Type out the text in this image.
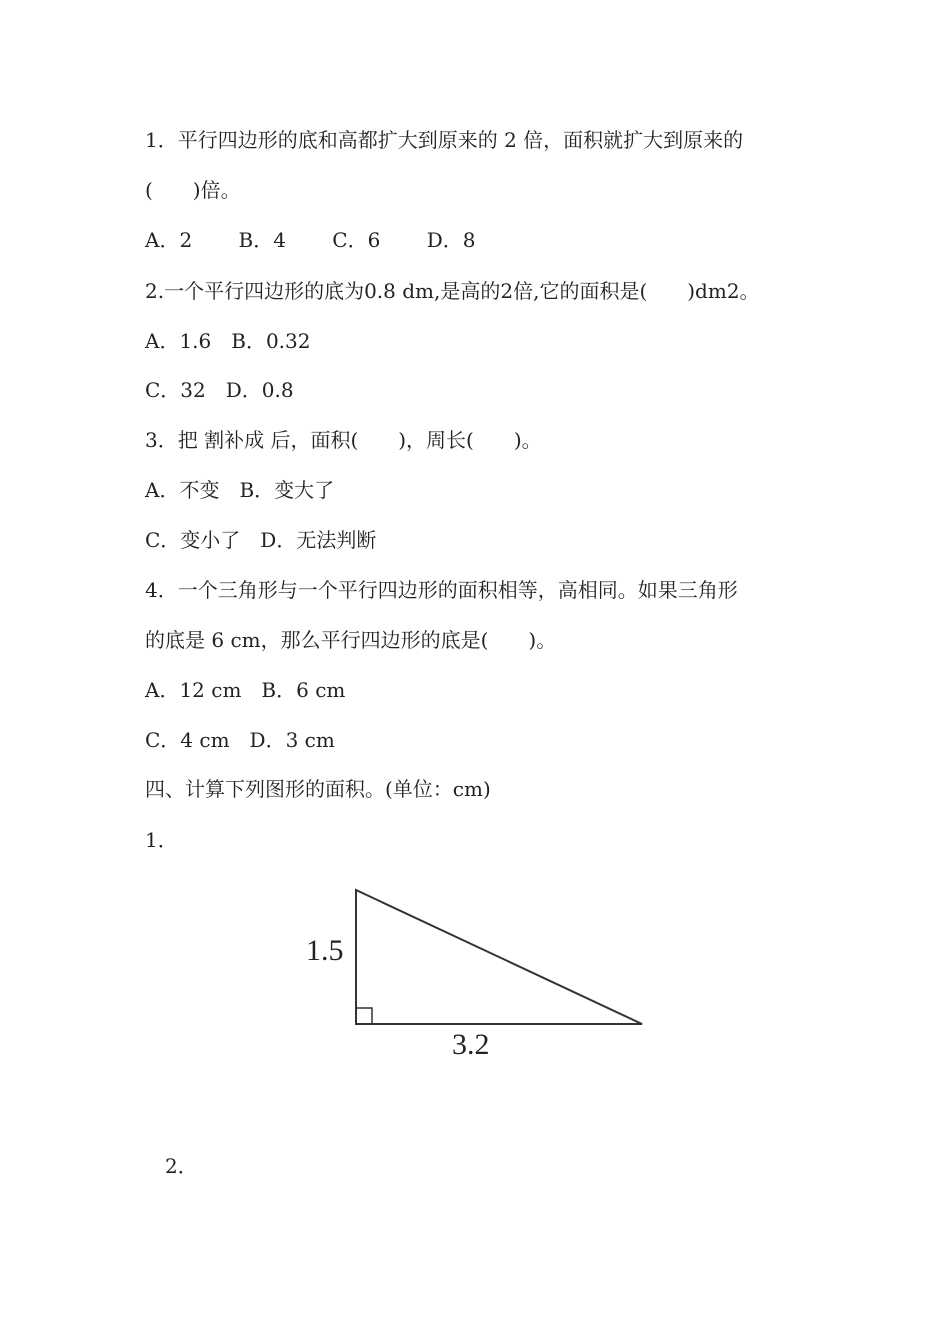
1．平行四边形的底和高都扩大到原来的 2 倍，面积就扩大到原来的
(　　)倍。
A．2　　 B．4　　 C．6　　 D．8
2.一个平行四边形的底为0.8 dm,是高的2倍,它的面积是(　　)dm2。
A．1.6　B．0.32
C．32　D．0.8
3．把 割补成 后，面积(　　)，周长(　　)。
A．不变　B．变大了
C．变小了　D．无法判断
4．一个三角形与一个平行四边形的面积相等，高相同。如果三角形
的底是 6 cm，那么平行四边形的底是(　　)。
A．12 cm　B．6 cm
C．4 cm　D．3 cm
四、计算下列图形的面积。(单位：cm)
1．
1.5
3.2
2．
